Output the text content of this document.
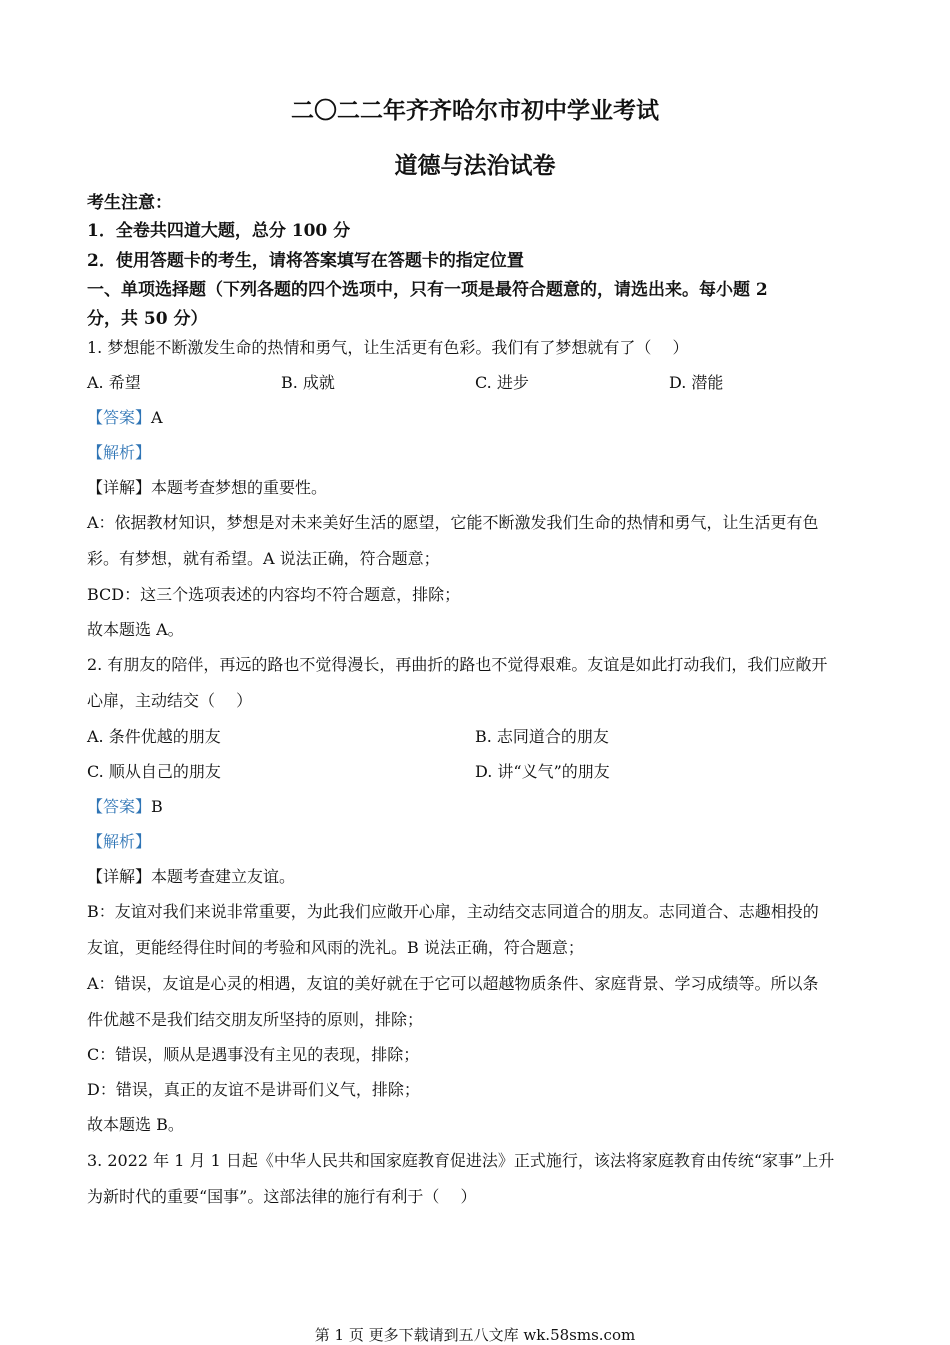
二〇二二年齐齐哈尔市初中学业考试
道德与法治试卷
考生注意：
1．全卷共四道大题，总分 100 分
2．使用答题卡的考生，请将答案填写在答题卡的指定位置
一、单项选择题（下列各题的四个选项中，只有一项是最符合题意的，请选出来。每小题 2
分，共 50 分）
1. 梦想能不断激发生命的热情和勇气，让生活更有色彩。我们有了梦想就有了（　 ）
A. 希望	B. 成就	C. 进步	D. 潜能
【答案】A
【解析】
【详解】本题考查梦想的重要性。
A：依据教材知识，梦想是对未来美好生活的愿望，它能不断激发我们生命的热情和勇气，让生活更有色
彩。有梦想，就有希望。A 说法正确，符合题意；
BCD：这三个选项表述的内容均不符合题意，排除；
故本题选 A。
2. 有朋友的陪伴，再远的路也不觉得漫长，再曲折的路也不觉得艰难。友谊是如此打动我们，我们应敞开
心扉，主动结交（　 ）
A. 条件优越的朋友	B. 志同道合的朋友
C. 顺从自己的朋友	D. 讲“义气”的朋友
【答案】B
【解析】
【详解】本题考查建立友谊。
B：友谊对我们来说非常重要，为此我们应敞开心扉，主动结交志同道合的朋友。志同道合、志趣相投的
友谊，更能经得住时间的考验和风雨的洗礼。B 说法正确，符合题意；
A：错误，友谊是心灵的相遇，友谊的美好就在于它可以超越物质条件、家庭背景、学习成绩等。所以条
件优越不是我们结交朋友所坚持的原则，排除；
C：错误，顺从是遇事没有主见的表现，排除；
D：错误，真正的友谊不是讲哥们义气，排除；
故本题选 B。
3. 2022 年 1 月 1 日起《中华人民共和国家庭教育促进法》正式施行，该法将家庭教育由传统“家事”上升
为新时代的重要“国事”。这部法律的施行有利于（　 ）
第 1 页 更多下载请到五八文库 wk.58sms.com
